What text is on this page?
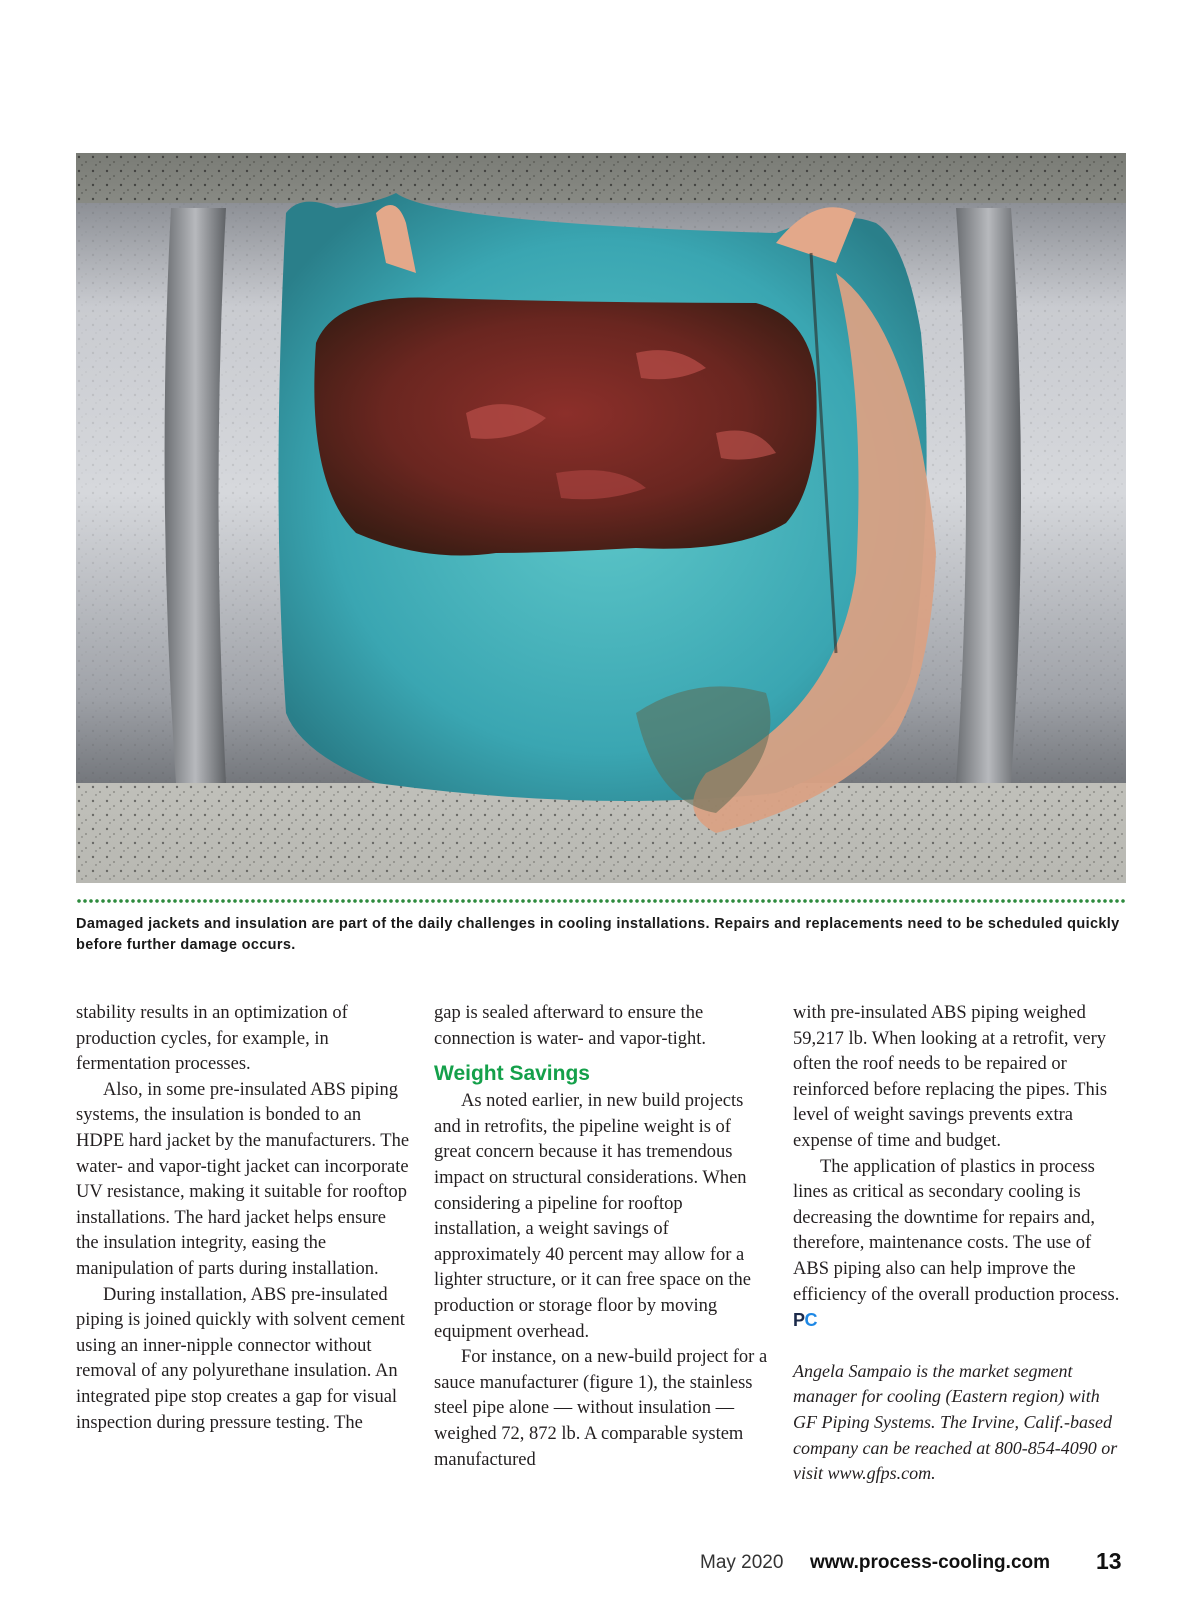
Damaged jackets and insulation are part of the daily challenges in cooling installations. Repairs and replacements need to be scheduled quickly before further damage occurs.

stability results in an optimization of production cycles, for example, in fermentation processes.

Also, in some pre-insulated ABS piping systems, the insulation is bonded to an HDPE hard jacket by the manufacturers. The water- and vapor-tight jacket can incorporate UV resistance, making it suitable for rooftop installations. The hard jacket helps ensure the insulation integrity, easing the manipulation of parts during installation.

During installation, ABS pre-insulated piping is joined quickly with solvent cement using an inner-nipple connector without removal of any polyurethane insulation. An integrated pipe stop creates a gap for visual inspection during pressure testing. The

gap is sealed afterward to ensure the connection is water- and vapor-tight.

Weight Savings

As noted earlier, in new build projects and in retrofits, the pipeline weight is of great concern because it has tremendous impact on structural considerations. When considering a pipeline for rooftop installation, a weight savings of approximately 40 percent may allow for a lighter structure, or it can free space on the production or storage floor by moving equipment overhead.

For instance, on a new-build project for a sauce manufacturer (figure 1), the stainless steel pipe alone — without insulation — weighed 72, 872 lb. A comparable system manufactured

with pre-insulated ABS piping weighed 59,217 lb. When looking at a retrofit, very often the roof needs to be repaired or reinforced before replacing the pipes. This level of weight savings prevents extra expense of time and budget.

The application of plastics in process lines as critical as secondary cooling is decreasing the downtime for repairs and, therefore, maintenance costs. The use of ABS piping also can help improve the efficiency of the overall production process. PC

Angela Sampaio is the market segment manager for cooling (Eastern region) with GF Piping Systems. The Irvine, Calif.-based company can be reached at 800-854-4090 or visit www.gfps.com.

May 2020 www.process-cooling.com 13
